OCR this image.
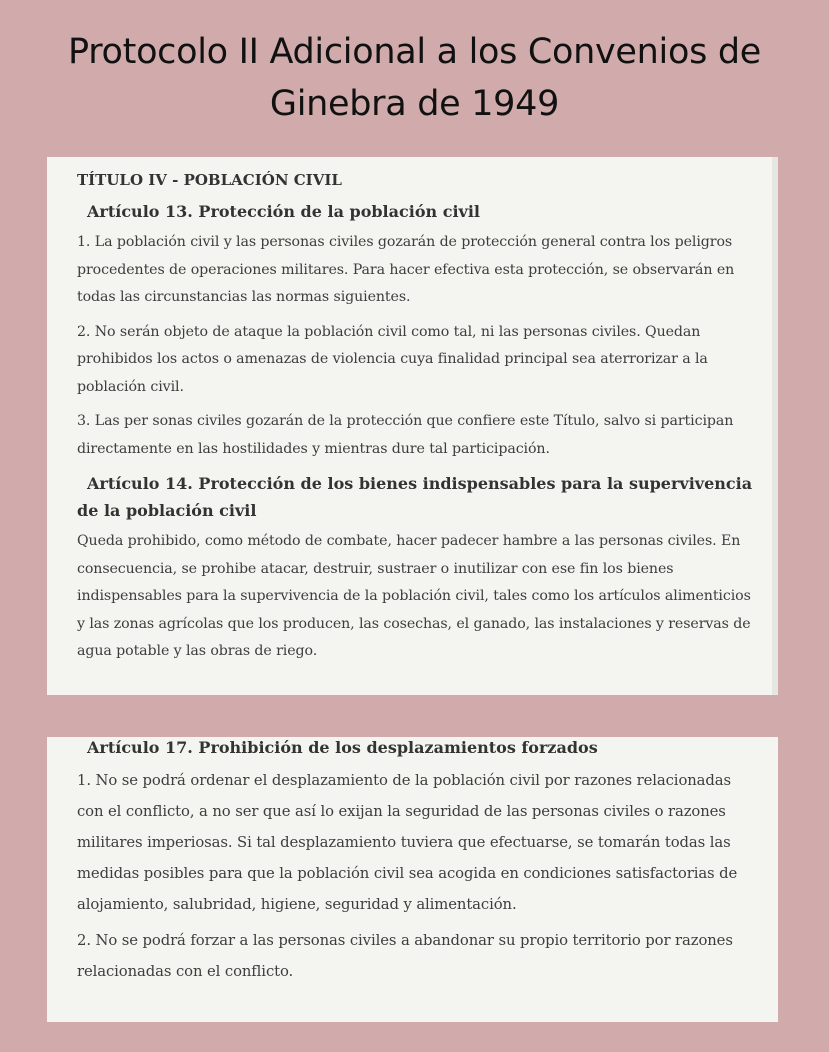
Protocolo II Adicional a los Convenios de
Ginebra de 1949
TÍTULO IV - POBLACIÓN CIVIL
Artículo 13. Protección de la población civil

1. La población civil y las personas civiles gozarán de protección general contra los peligros procedentes de operaciones militares. Para hacer efectiva esta protección, se observarán en todas las circunstancias las normas siguientes.

2. No serán objeto de ataque la población civil como tal, ni las personas civiles. Quedan prohibidos los actos o amenazas de violencia cuya finalidad principal sea aterrorizar a la población civil.

3. Las per sonas civiles gozarán de la protección que confiere este Título, salvo si participan directamente en las hostilidades y mientras dure tal participación.

Artículo 14. Protección de los bienes indispensables para la supervivencia de la población civil

Queda prohibido, como método de combate, hacer padecer hambre a las personas civiles. En consecuencia, se prohibe atacar, destruir, sustraer o inutilizar con ese fin los bienes indispensables para la supervivencia de la población civil, tales como los artículos alimenticios y las zonas agrícolas que los producen, las cosechas, el ganado, las instalaciones y reservas de agua potable y las obras de riego.

Artículo 17. Prohibición de los desplazamientos forzados

1. No se podrá ordenar el desplazamiento de la población civil por razones relacionadas con el conflicto, a no ser que así lo exijan la seguridad de las personas civiles o razones militares imperiosas. Si tal desplazamiento tuviera que efectuarse, se tomarán todas las medidas posibles para que la población civil sea acogida en condiciones satisfactorias de alojamiento, salubridad, higiene, seguridad y alimentación.

2. No se podrá forzar a las personas civiles a abandonar su propio territorio por razones relacionadas con el conflicto.
